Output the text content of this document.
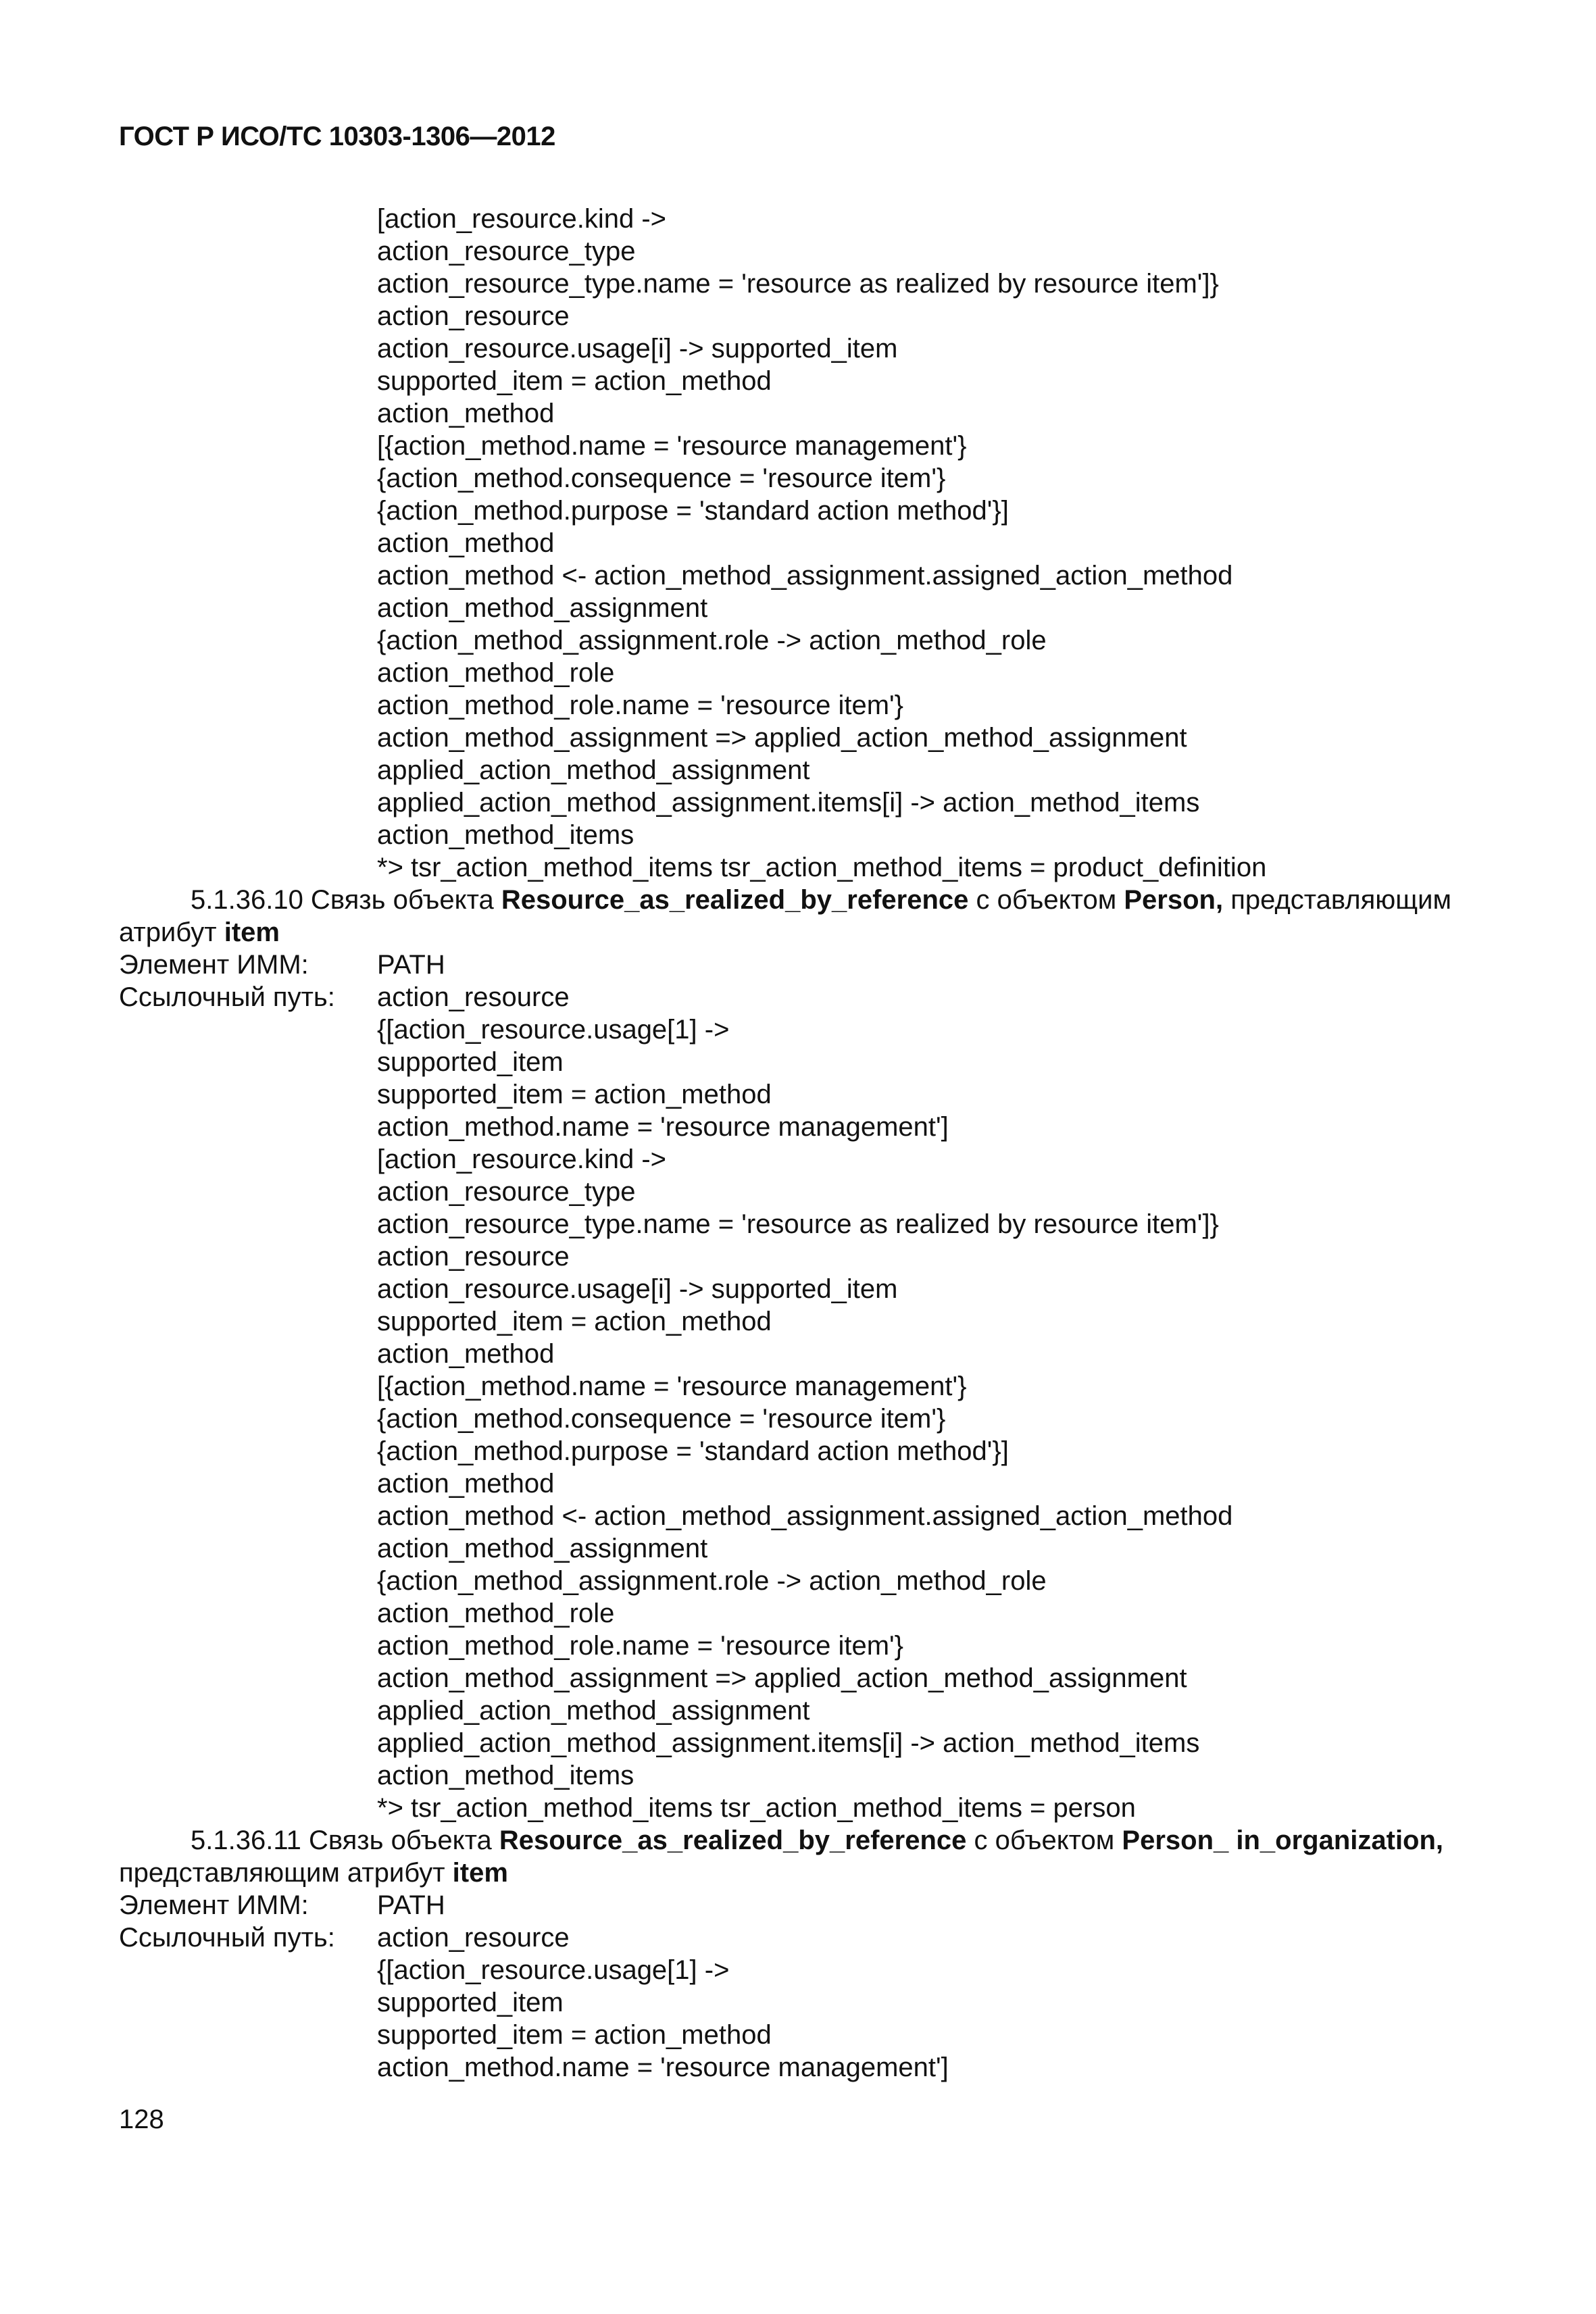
ГОСТ Р ИСО/ТС 10303-1306—2012
[action_resource.kind ->
action_resource_type
action_resource_type.name = 'resource as realized by resource item']}
action_resource
action_resource.usage[i] -> supported_item
supported_item = action_method
action_method
[{action_method.name = 'resource management'}
{action_method.consequence = 'resource item'}
{action_method.purpose = 'standard action method'}]
action_method
action_method <- action_method_assignment.assigned_action_method
action_method_assignment
{action_method_assignment.role -> action_method_role
action_method_role
action_method_role.name = 'resource item'}
action_method_assignment => applied_action_method_assignment
applied_action_method_assignment
applied_action_method_assignment.items[i] -> action_method_items
action_method_items
*> tsr_action_method_items tsr_action_method_items = product_definition
5.1.36.10 Связь объекта Resource_as_realized_by_reference с объектом Person, представляющим
атрибут item
Элемент ИММ:	PATH
Ссылочный путь:	action_resource
{[action_resource.usage[1] ->
supported_item
supported_item = action_method
action_method.name = 'resource management']
[action_resource.kind ->
action_resource_type
action_resource_type.name = 'resource as realized by resource item']}
action_resource
action_resource.usage[i] -> supported_item
supported_item = action_method
action_method
[{action_method.name = 'resource management'}
{action_method.consequence = 'resource item'}
{action_method.purpose = 'standard action method'}]
action_method
action_method <- action_method_assignment.assigned_action_method
action_method_assignment
{action_method_assignment.role -> action_method_role
action_method_role
action_method_role.name = 'resource item'}
action_method_assignment => applied_action_method_assignment
applied_action_method_assignment
applied_action_method_assignment.items[i] -> action_method_items
action_method_items
*> tsr_action_method_items tsr_action_method_items = person
5.1.36.11 Связь объекта Resource_as_realized_by_reference с объектом Person_ in_organization,
представляющим атрибут item
Элемент ИММ:	PATH
Ссылочный путь:	action_resource
{[action_resource.usage[1] ->
supported_item
supported_item = action_method
action_method.name = 'resource management']
128
